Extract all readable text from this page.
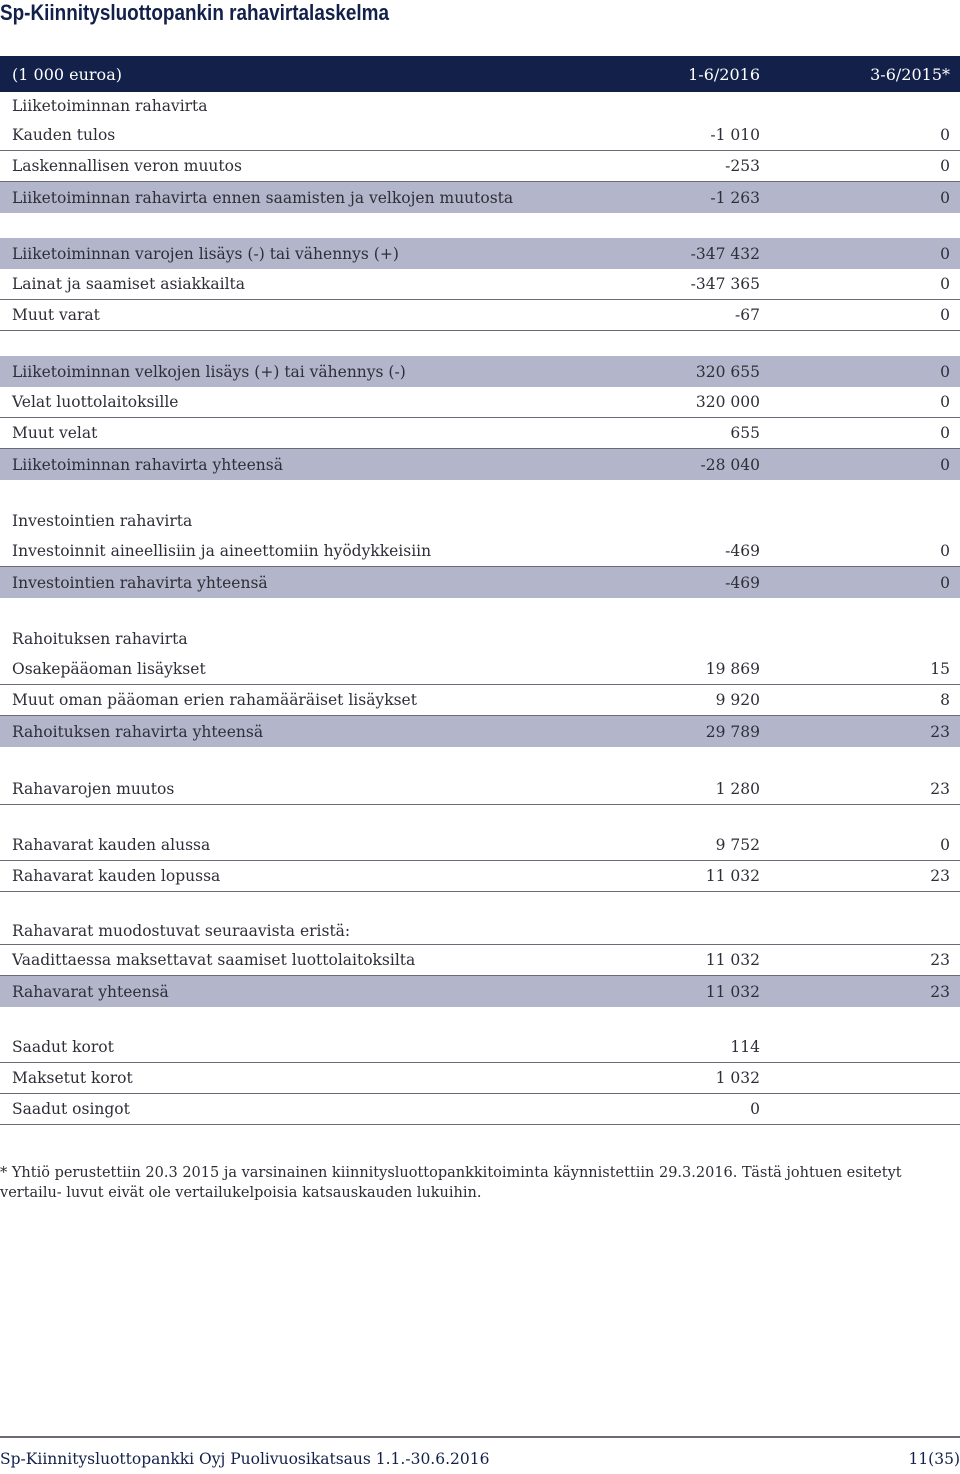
Sp-Kiinnitysluottopankin rahavirtalaskelma
(1 000 euroa)	1-6/2016	3-6/2015*
Liiketoiminnan rahavirta
Kauden tulos	-1 010	0
Laskennallisen veron muutos	-253	0
Liiketoiminnan rahavirta ennen saamisten ja velkojen muutosta	-1 263	0
Liiketoiminnan varojen lisäys (-) tai vähennys (+)	-347 432	0
Lainat ja saamiset asiakkailta	-347 365	0
Muut varat	-67	0
Liiketoiminnan velkojen lisäys (+) tai vähennys (-)	320 655	0
Velat luottolaitoksille	320 000	0
Muut velat	655	0
Liiketoiminnan rahavirta yhteensä	-28 040	0
Investointien rahavirta
Investoinnit aineellisiin ja aineettomiin hyödykkeisiin	-469	0
Investointien rahavirta yhteensä	-469	0
Rahoituksen rahavirta
Osakepääoman lisäykset	19 869	15
Muut oman pääoman erien rahamääräiset lisäykset	9 920	8
Rahoituksen rahavirta yhteensä	29 789	23
Rahavarojen muutos	1 280	23
Rahavarat kauden alussa	9 752	0
Rahavarat kauden lopussa	11 032	23
Rahavarat muodostuvat seuraavista eristä:
Vaadittaessa maksettavat saamiset luottolaitoksilta	11 032	23
Rahavarat yhteensä	11 032	23
Saadut korot	114
Maksetut korot	1 032
Saadut osingot	0
* Yhtiö perustettiin 20.3 2015 ja varsinainen kiinnitysluottopankkitoiminta käynnistettiin 29.3.2016. Tästä johtuen esitetyt vertailu- luvut eivät ole vertailukelpoisia katsauskauden lukuihin.
Sp-Kiinnitysluottopankki Oyj Puolivuosikatsaus 1.1.-30.6.2016	11(35)
